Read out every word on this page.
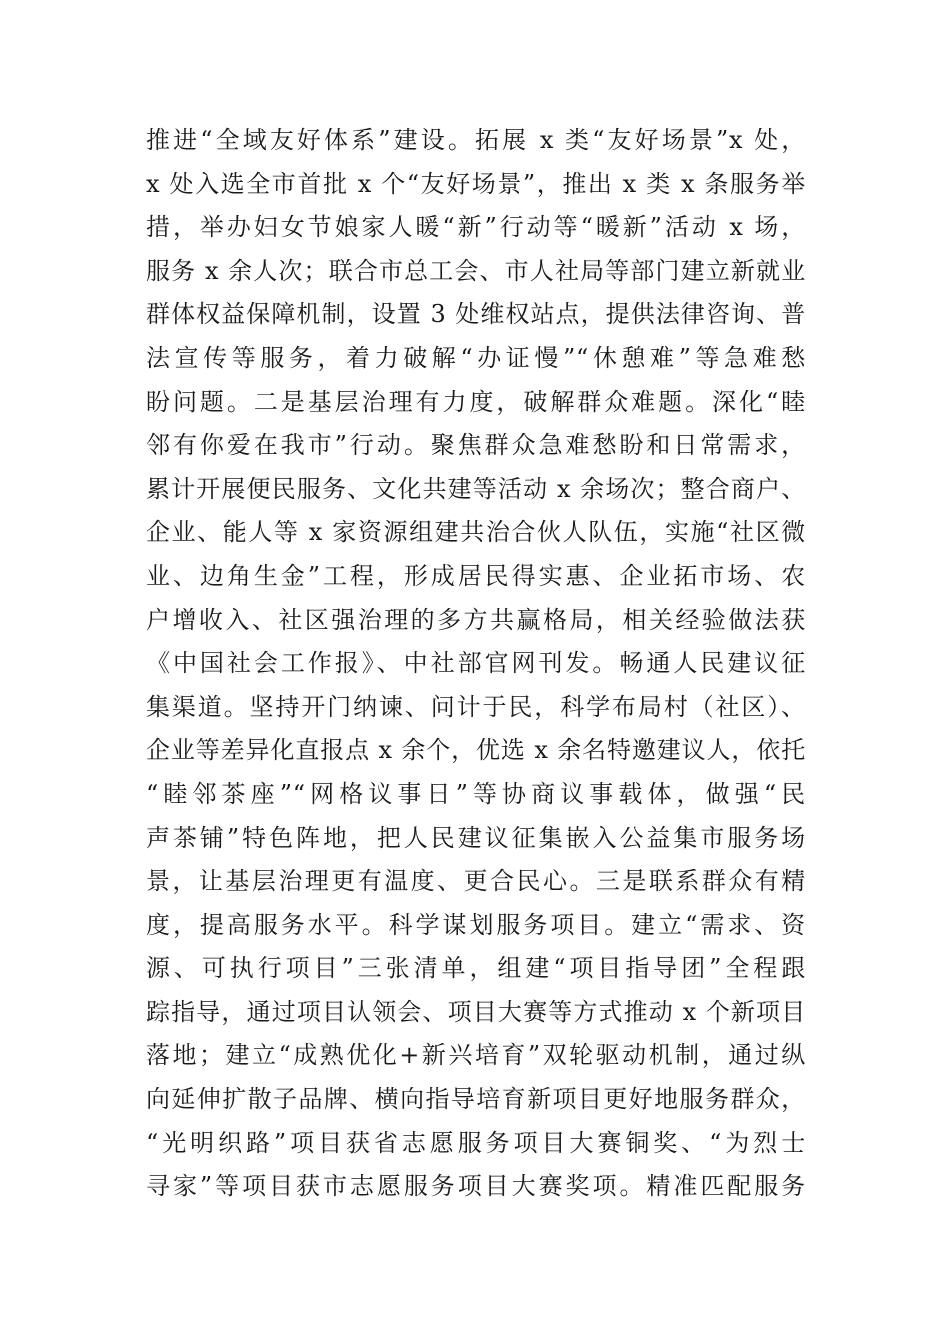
推进“全域友好体系”建设。拓展 x 类“友好场景”x 处，
x 处入选全市首批 x 个“友好场景”，推出 x 类 x 条服务举
措，举办妇女节娘家人暖“新”行动等“暖新”活动 x 场，
服务 x 余人次；联合市总工会、市人社局等部门建立新就业
群体权益保障机制，设置 3 处维权站点，提供法律咨询、普
法宣传等服务，着力破解“办证慢”“休憩难”等急难愁
盼问题。二是基层治理有力度，破解群众难题。深化“睦
邻有你爱在我市”行动。聚焦群众急难愁盼和日常需求，
累计开展便民服务、文化共建等活动 x 余场次；整合商户、
企业、能人等 x 家资源组建共治合伙人队伍，实施“社区微
业、边角生金”工程，形成居民得实惠、企业拓市场、农
户增收入、社区强治理的多方共赢格局，相关经验做法获
《中国社会工作报》、中社部官网刊发。畅通人民建议征
集渠道。坚持开门纳谏、问计于民，科学布局村（社区）、
企业等差异化直报点 x 余个，优选 x 余名特邀建议人，依托
“睦邻茶座”“网格议事日”等协商议事载体，做强“民
声茶铺”特色阵地，把人民建议征集嵌入公益集市服务场
景，让基层治理更有温度、更合民心。三是联系群众有精
度，提高服务水平。科学谋划服务项目。建立“需求、资
源、可执行项目”三张清单，组建“项目指导团”全程跟
踪指导，通过项目认领会、项目大赛等方式推动 x 个新项目
落地；建立“成熟优化+新兴培育”双轮驱动机制，通过纵
向延伸扩散子品牌、横向指导培育新项目更好地服务群众，
“光明织路”项目获省志愿服务项目大赛铜奖、“为烈士
寻家”等项目获市志愿服务项目大赛奖项。精准匹配服务
